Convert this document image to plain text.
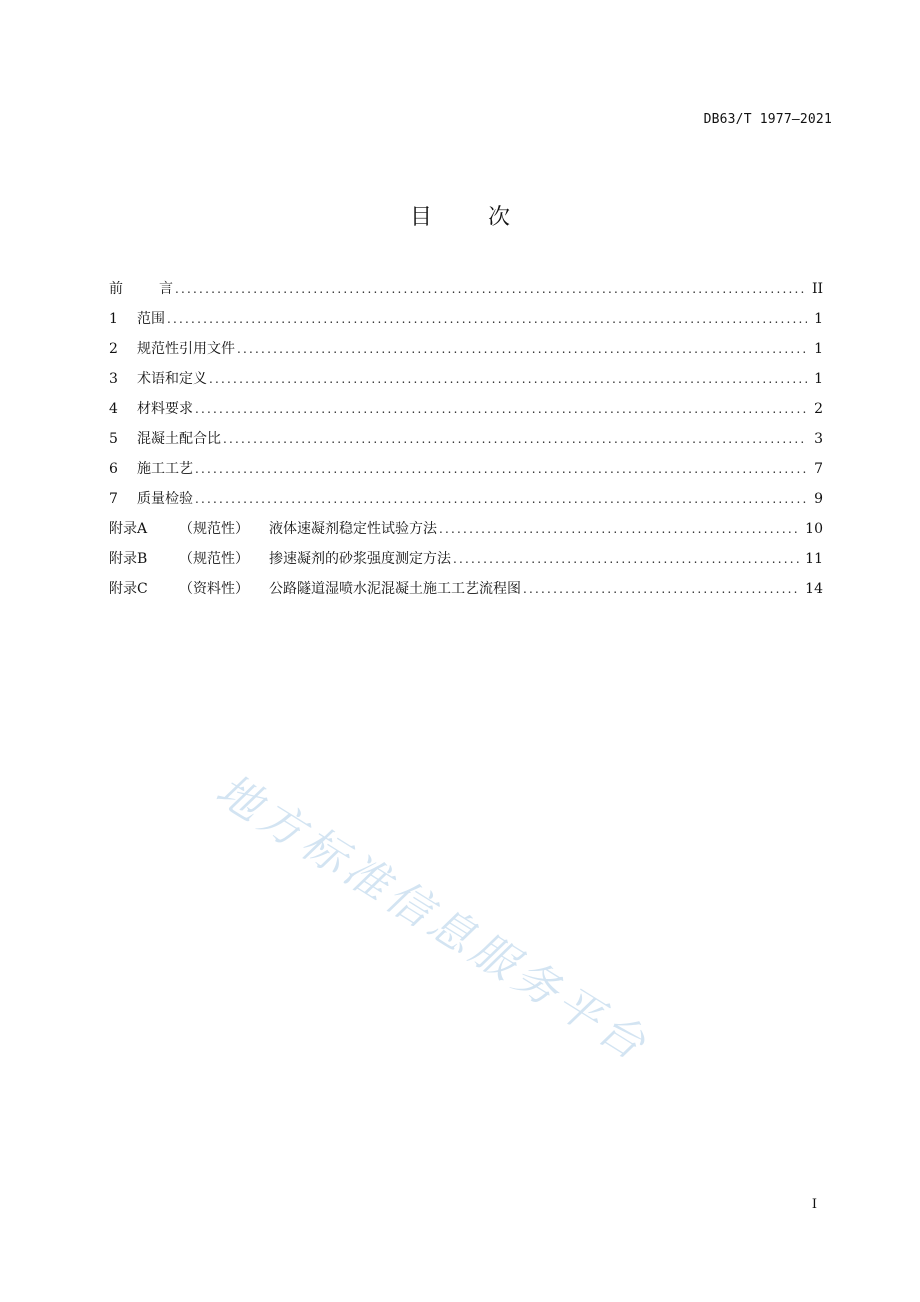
DB63/T 1977—2021
目	次
前	言 .....	II
1	范围 .....	1
2	规范性引用文件 .....	1
3	术语和定义 .....	1
4	材料要求 .....	2
5	混凝土配合比 .....	3
6	施工工艺 .....	7
7	质量检验 .....	9
附录A （规范性）	液体速凝剂稳定性试验方法 .....	10
附录B （规范性）	掺速凝剂的砂浆强度测定方法 .....	11
附录C （资料性）	公路隧道湿喷水泥混凝土施工工艺流程图 .....	14
地方标准信息服务平台
I
